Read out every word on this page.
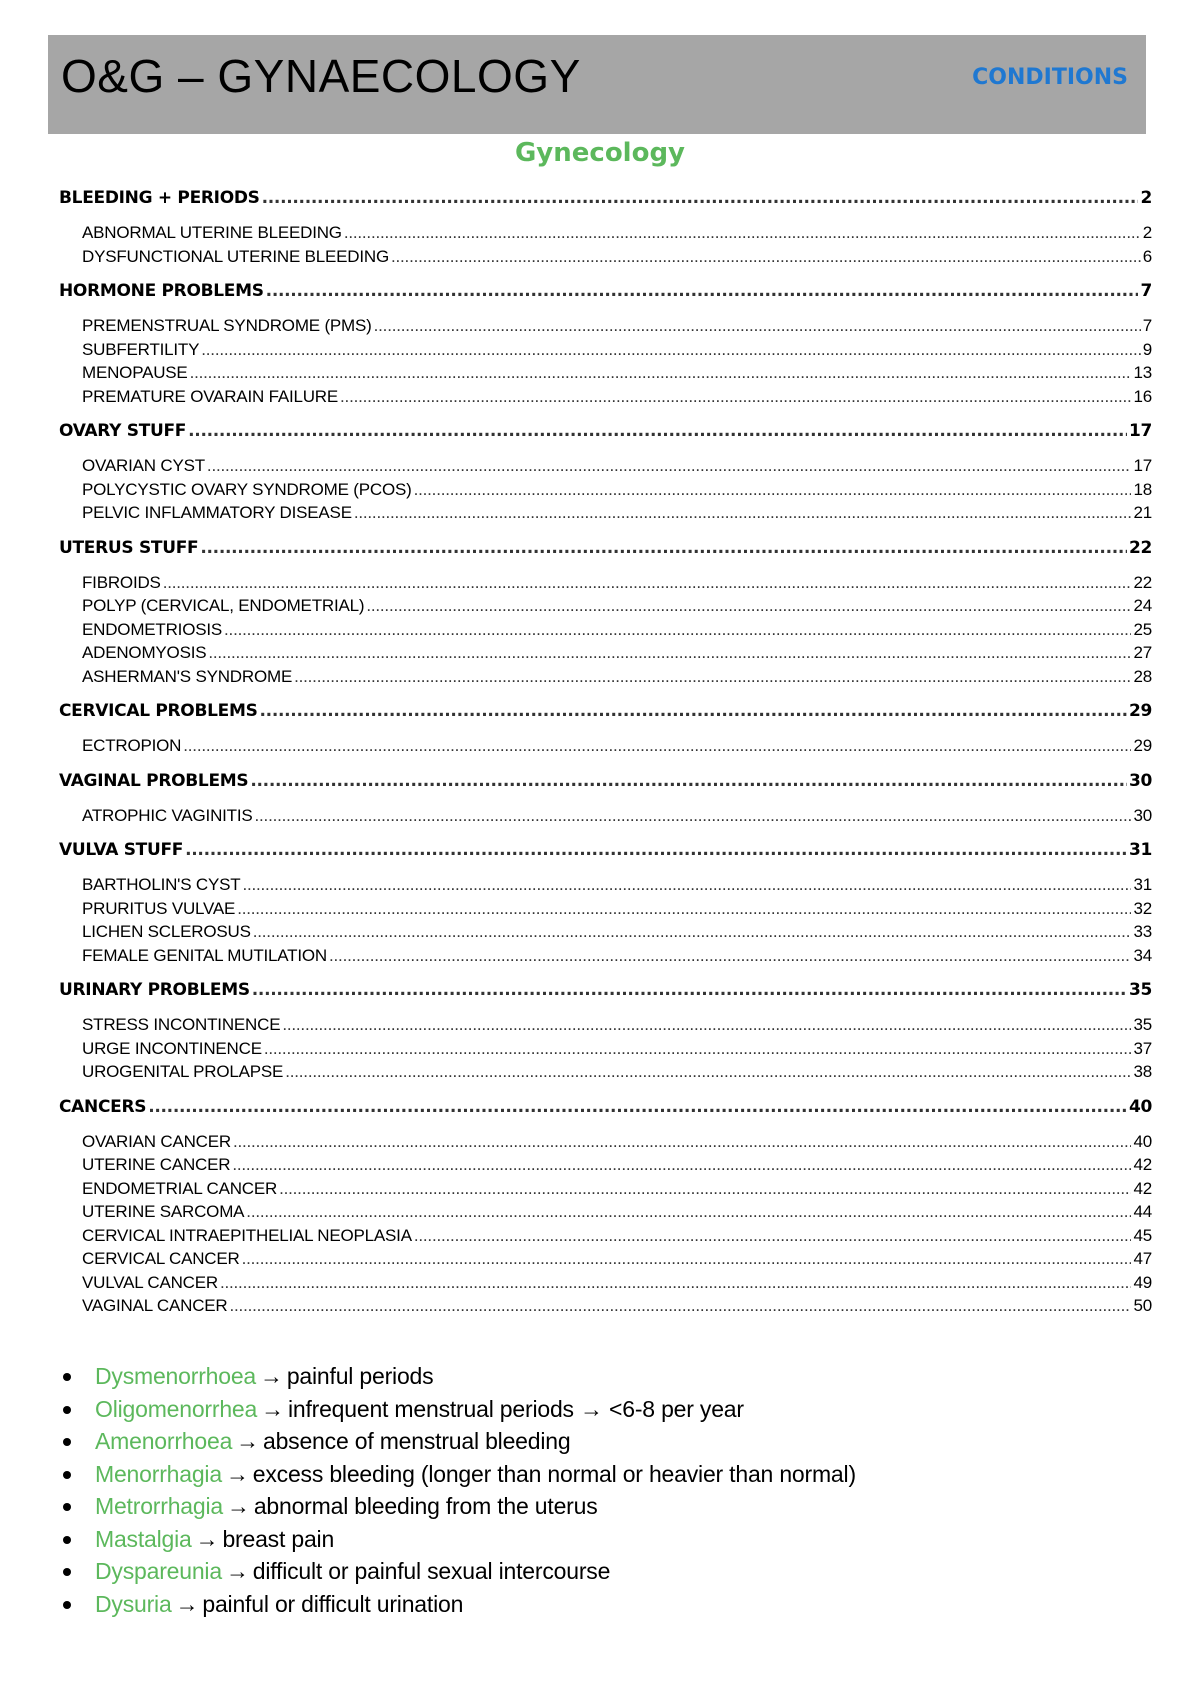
O&G – GYNAECOLOGY	CONDITIONS
Gynecology
BLEEDING + PERIODS .....	2
ABNORMAL UTERINE BLEEDING .....	2
DYSFUNCTIONAL UTERINE BLEEDING .....	6
HORMONE PROBLEMS .....	7
PREMENSTRUAL SYNDROME (PMS) .....	7
SUBFERTILITY .....	9
MENOPAUSE .....	13
PREMATURE OVARAIN FAILURE .....	16
OVARY STUFF .....	17
OVARIAN CYST .....	17
POLYCYSTIC OVARY SYNDROME (PCOS) .....	18
PELVIC INFLAMMATORY DISEASE .....	21
UTERUS STUFF .....	22
FIBROIDS .....	22
POLYP (CERVICAL, ENDOMETRIAL) .....	24
ENDOMETRIOSIS .....	25
ADENOMYOSIS .....	27
ASHERMAN'S SYNDROME .....	28
CERVICAL PROBLEMS .....	29
ECTROPION .....	29
VAGINAL PROBLEMS .....	30
ATROPHIC VAGINITIS .....	30
VULVA STUFF .....	31
BARTHOLIN'S CYST .....	31
PRURITUS VULVAE .....	32
LICHEN SCLEROSUS .....	33
FEMALE GENITAL MUTILATION .....	34
URINARY PROBLEMS .....	35
STRESS INCONTINENCE .....	35
URGE INCONTINENCE .....	37
UROGENITAL PROLAPSE .....	38
CANCERS .....	40
OVARIAN CANCER .....	40
UTERINE CANCER .....	42
ENDOMETRIAL CANCER .....	42
UTERINE SARCOMA .....	44
CERVICAL INTRAEPITHELIAL NEOPLASIA .....	45
CERVICAL CANCER .....	47
VULVAL CANCER .....	49
VAGINAL CANCER .....	50
Dysmenorrhoea → painful periods
Oligomenorrhea → infrequent menstrual periods → <6-8 per year
Amenorrhoea → absence of menstrual bleeding
Menorrhagia → excess bleeding (longer than normal or heavier than normal)
Metrorrhagia → abnormal bleeding from the uterus
Mastalgia → breast pain
Dyspareunia → difficult or painful sexual intercourse
Dysuria → painful or difficult urination
